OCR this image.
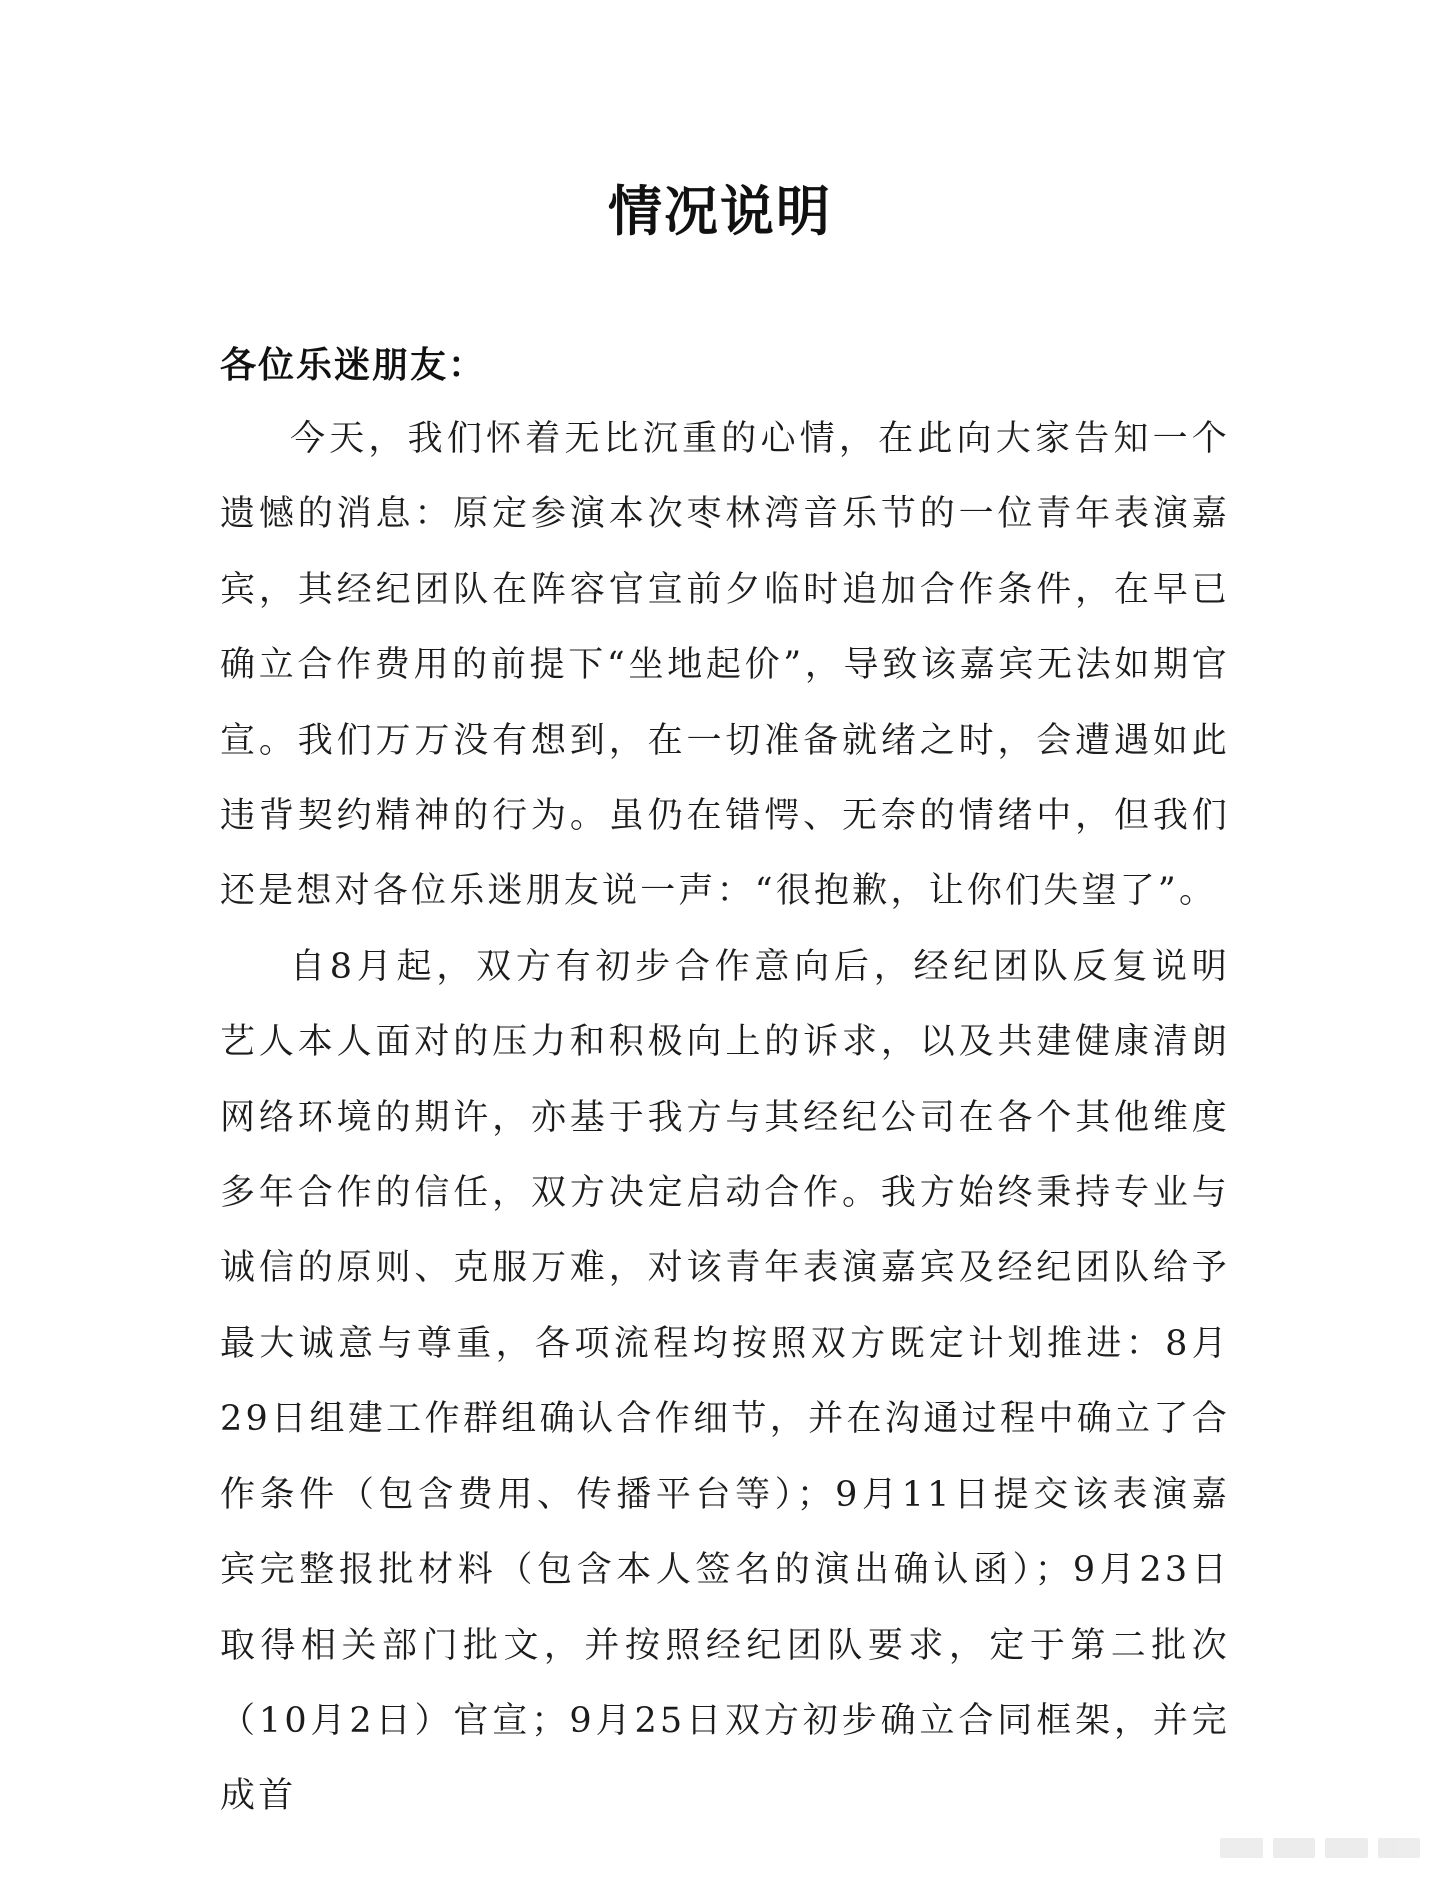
情况说明
各位乐迷朋友：

今天，我们怀着无比沉重的心情，在此向大家告知一个遗憾的消息：原定参演本次枣林湾音乐节的一位青年表演嘉宾，其经纪团队在阵容官宣前夕临时追加合作条件，在早已确立合作费用的前提下“坐地起价”，导致该嘉宾无法如期官宣。我们万万没有想到，在一切准备就绪之时，会遭遇如此违背契约精神的行为。虽仍在错愕、无奈的情绪中，但我们还是想对各位乐迷朋友说一声：“很抱歉，让你们失望了”。

自8月起，双方有初步合作意向后，经纪团队反复说明艺人本人面对的压力和积极向上的诉求，以及共建健康清朗网络环境的期许，亦基于我方与其经纪公司在各个其他维度多年合作的信任，双方决定启动合作。我方始终秉持专业与诚信的原则、克服万难，对该青年表演嘉宾及经纪团队给予最大诚意与尊重，各项流程均按照双方既定计划推进：8月29日组建工作群组确认合作细节，并在沟通过程中确立了合作条件（包含费用、传播平台等）；9月11日提交该表演嘉宾完整报批材料（包含本人签名的演出确认函）；9月23日取得相关部门批文，并按照经纪团队要求，定于第二批次（10月2日）官宣；9月25日双方初步确立合同框架，并完成首
